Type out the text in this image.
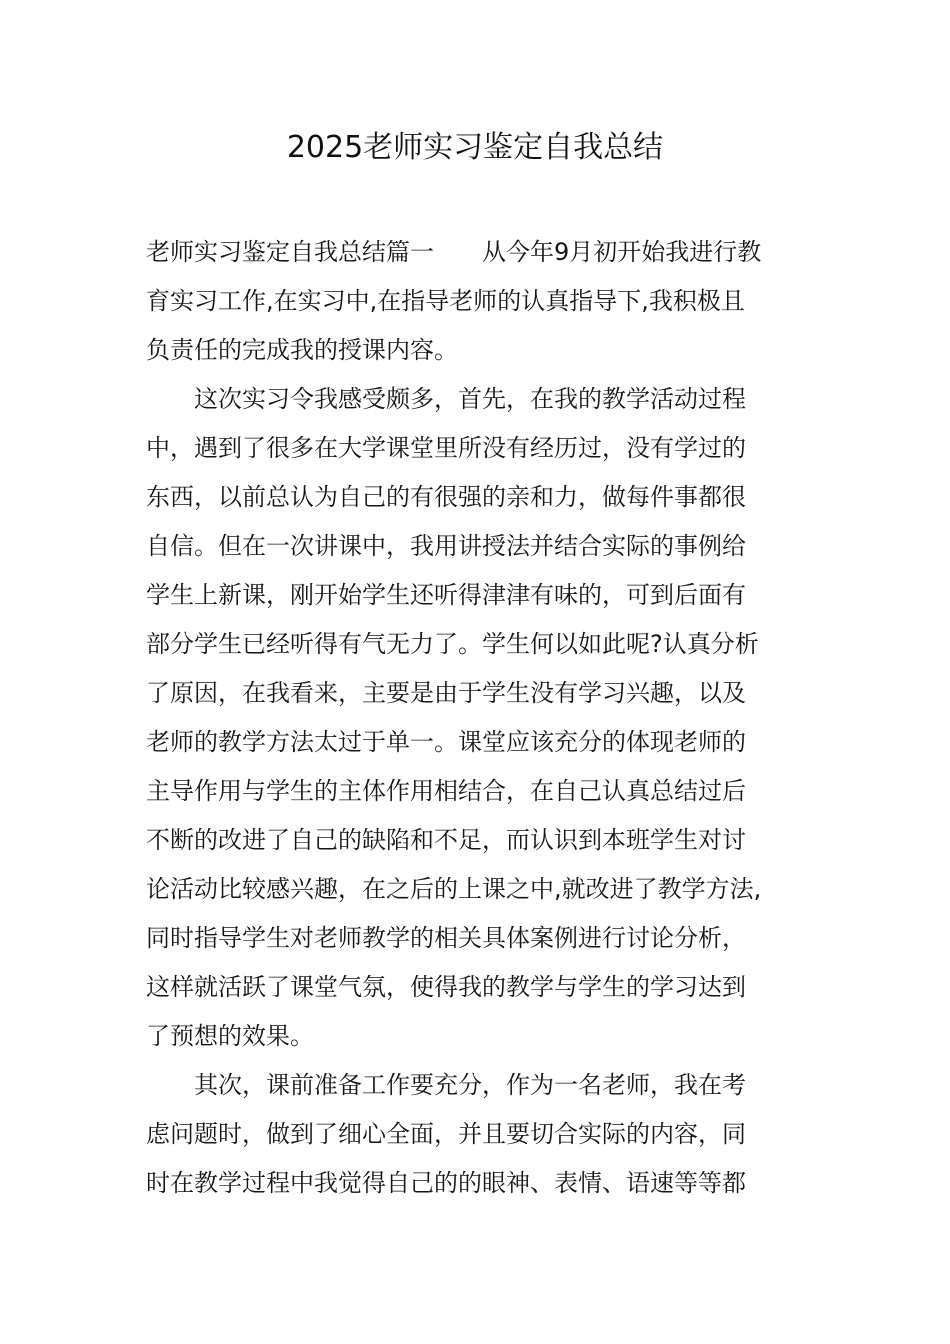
2025老师实习鉴定自我总结
老师实习鉴定自我总结篇一　　从今年9月初开始我进行教
育实习工作,在实习中,在指导老师的认真指导下,我积极且
负责任的完成我的授课内容。
　　这次实习令我感受颇多，首先，在我的教学活动过程
中，遇到了很多在大学课堂里所没有经历过，没有学过的
东西，以前总认为自己的有很强的亲和力，做每件事都很
自信。但在一次讲课中，我用讲授法并结合实际的事例给
学生上新课，刚开始学生还听得津津有味的，可到后面有
部分学生已经听得有气无力了。学生何以如此呢?认真分析
了原因，在我看来，主要是由于学生没有学习兴趣，以及
老师的教学方法太过于单一。课堂应该充分的体现老师的
主导作用与学生的主体作用相结合，在自己认真总结过后
不断的改进了自己的缺陷和不足，而认识到本班学生对讨
论活动比较感兴趣，在之后的上课之中,就改进了教学方法,
同时指导学生对老师教学的相关具体案例进行讨论分析，
这样就活跃了课堂气氛，使得我的教学与学生的学习达到
了预想的效果。
　　其次，课前准备工作要充分，作为一名老师，我在考
虑问题时，做到了细心全面，并且要切合实际的内容，同
时在教学过程中我觉得自己的的眼神、表情、语速等等都
